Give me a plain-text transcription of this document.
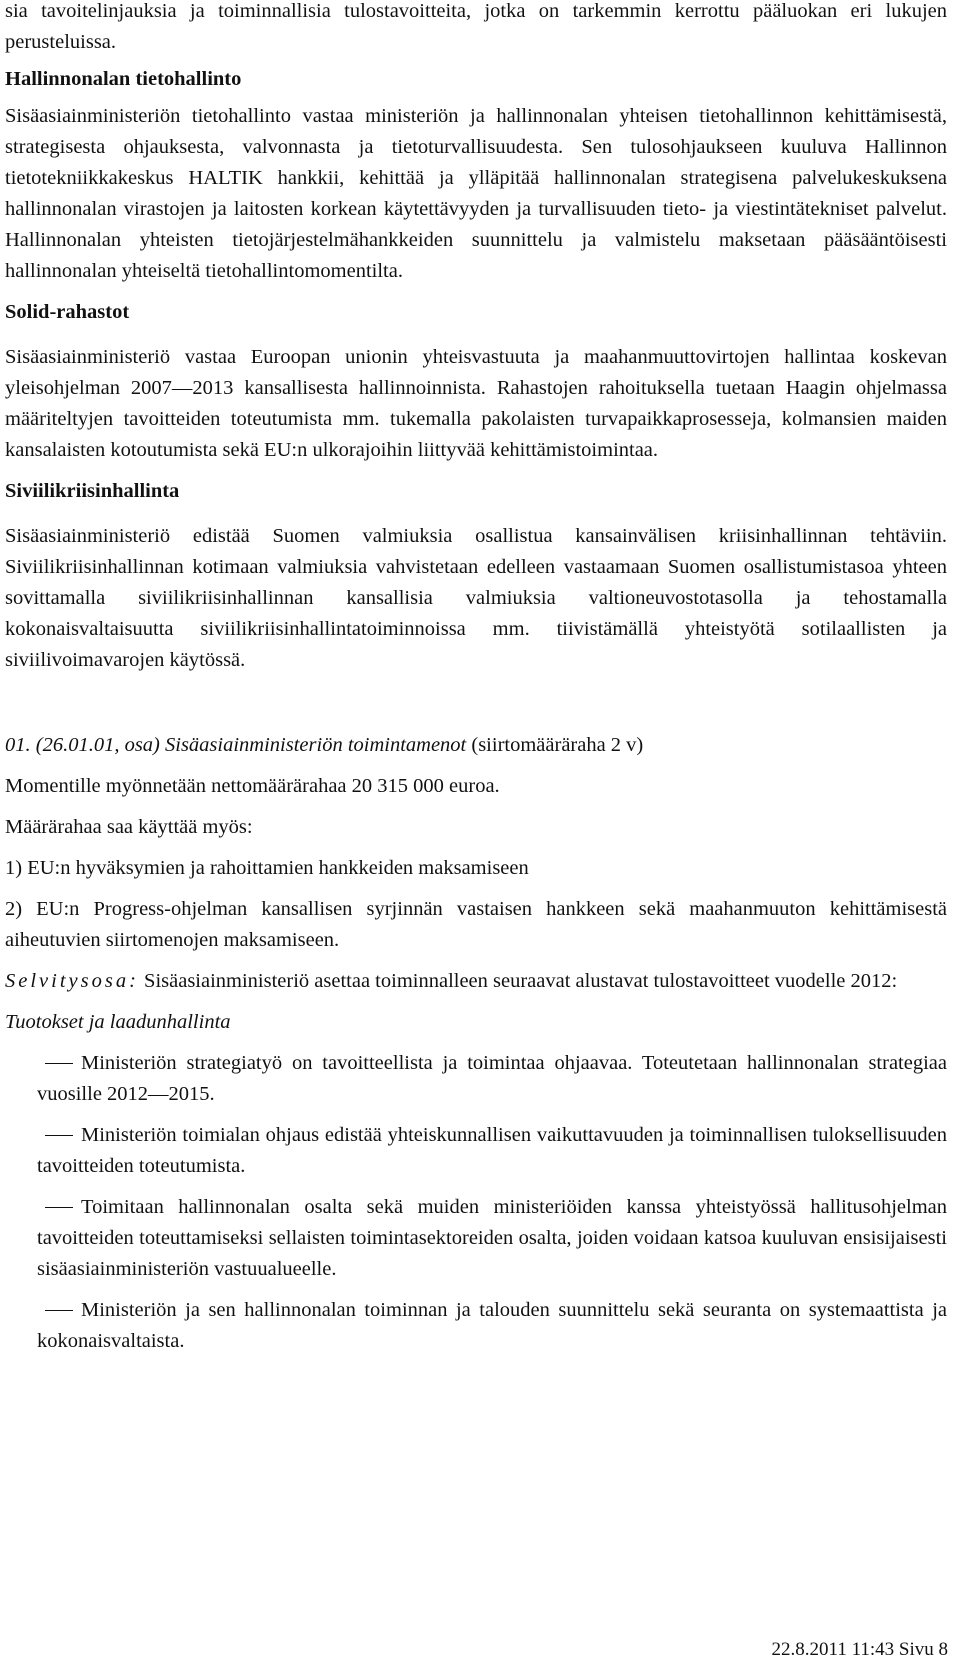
sia tavoitelinjauksia ja toiminnallisia tulostavoitteita, jotka on tarkemmin kerrottu pääluokan eri lukujen perusteluissa.

Hallinnonalan tietohallinto

Sisäasiainministeriön tietohallinto vastaa ministeriön ja hallinnonalan yhteisen tietohallinnon kehittämisestä, strategisesta ohjauksesta, valvonnasta ja tietoturvallisuudesta. Sen tulosohjaukseen kuuluva Hallinnon tietotekniikkakeskus HALTIK hankkii, kehittää ja ylläpitää hallinnonalan strategisena palvelukeskuksena hallinnonalan virastojen ja laitosten korkean käytettävyyden ja turvallisuuden tieto- ja viestintätekniset palvelut. Hallinnonalan yhteisten tietojärjestelmähankkeiden suunnittelu ja valmistelu maksetaan pääsääntöisesti hallinnonalan yhteiseltä tietohallintomomentilta.

Solid-rahastot

Sisäasiainministeriö vastaa Euroopan unionin yhteisvastuuta ja maahanmuuttovirtojen hallintaa koskevan yleisohjelman 2007—2013 kansallisesta hallinnoinnista. Rahastojen rahoituksella tuetaan Haagin ohjelmassa määriteltyjen tavoitteiden toteutumista mm. tukemalla pakolaisten turvapaikkaprosesseja, kolmansien maiden kansalaisten kotoutumista sekä EU:n ulkorajoihin liittyvää kehittämistoimintaa.

Siviilikriisinhallinta

Sisäasiainministeriö edistää Suomen valmiuksia osallistua kansainvälisen kriisinhallinnan tehtäviin. Siviilikriisinhallinnan kotimaan valmiuksia vahvistetaan edelleen vastaamaan Suomen osallistumistasoa yhteen sovittamalla siviilikriisinhallinnan kansallisia valmiuksia valtioneuvostotasolla ja tehostamalla kokonaisvaltaisuutta siviilikriisinhallintatoiminnoissa mm. tiivistämällä yhteistyötä sotilaallisten ja siviilivoimavarojen käytössä.

01. (26.01.01, osa) Sisäasiainministeriön toimintamenot (siirtomääräraha 2 v)

Momentille myönnetään nettomäärärahaa 20 315 000 euroa.

Määrärahaa saa käyttää myös:

1) EU:n hyväksymien ja rahoittamien hankkeiden maksamiseen

2) EU:n Progress-ohjelman kansallisen syrjinnän vastaisen hankkeen sekä maahanmuuton kehittämisestä aiheutuvien siirtomenojen maksamiseen.

Selvitysosa: Sisäasiainministeriö asettaa toiminnalleen seuraavat alustavat tulostavoitteet vuodelle 2012:

Tuotokset ja laadunhallinta

Ministeriön strategiatyö on tavoitteellista ja toimintaa ohjaavaa. Toteutetaan hallinnonalan strategiaa vuosille 2012—2015.

Ministeriön toimialan ohjaus edistää yhteiskunnallisen vaikuttavuuden ja toiminnallisen tuloksellisuuden tavoitteiden toteutumista.

Toimitaan hallinnonalan osalta sekä muiden ministeriöiden kanssa yhteistyössä hallitusohjelman tavoitteiden toteuttamiseksi sellaisten toimintasektoreiden osalta, joiden voidaan katsoa kuuluvan ensisijaisesti sisäasiainministeriön vastuualueelle.

Ministeriön ja sen hallinnonalan toiminnan ja talouden suunnittelu sekä seuranta on systemaattista ja kokonaisvaltaista.

22.8.2011 11:43 Sivu 8
